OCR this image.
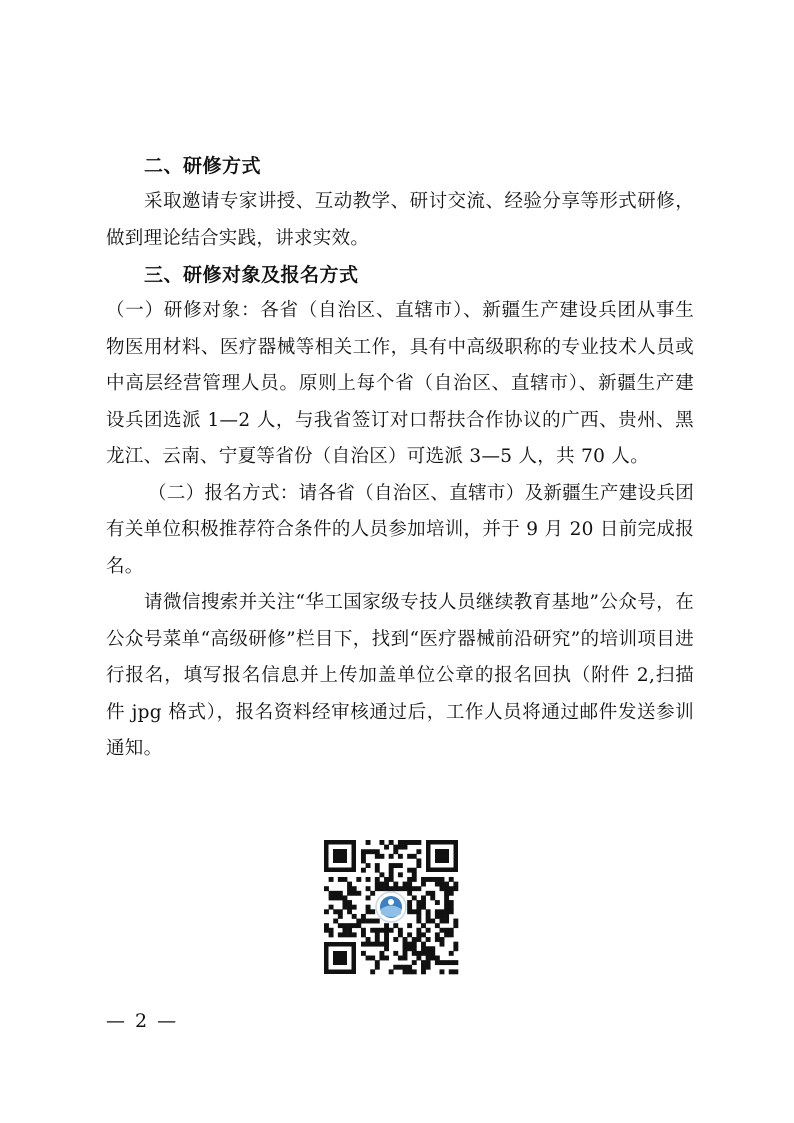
二、研修方式

采取邀请专家讲授、互动教学、研讨交流、经验分享等形式研修，做到理论结合实践，讲求实效。

三、研修对象及报名方式

（一）研修对象：各省（自治区、直辖市）、新疆生产建设兵团从事生物医用材料、医疗器械等相关工作，具有中高级职称的专业技术人员或中高层经营管理人员。原则上每个省（自治区、直辖市）、新疆生产建设兵团选派 1—2 人，与我省签订对口帮扶合作协议的广西、贵州、黑龙江、云南、宁夏等省份（自治区）可选派 3—5 人，共 70 人。

（二）报名方式：请各省（自治区、直辖市）及新疆生产建设兵团有关单位积极推荐符合条件的人员参加培训，并于 9 月 20 日前完成报名。

请微信搜索并关注“华工国家级专技人员继续教育基地”公众号，在公众号菜单“高级研修”栏目下，找到“医疗器械前沿研究”的培训项目进行报名，填写报名信息并上传加盖单位公章的报名回执（附件 2,扫描件 jpg 格式），报名资料经审核通过后，工作人员将通过邮件发送参训通知。

— 2 —
